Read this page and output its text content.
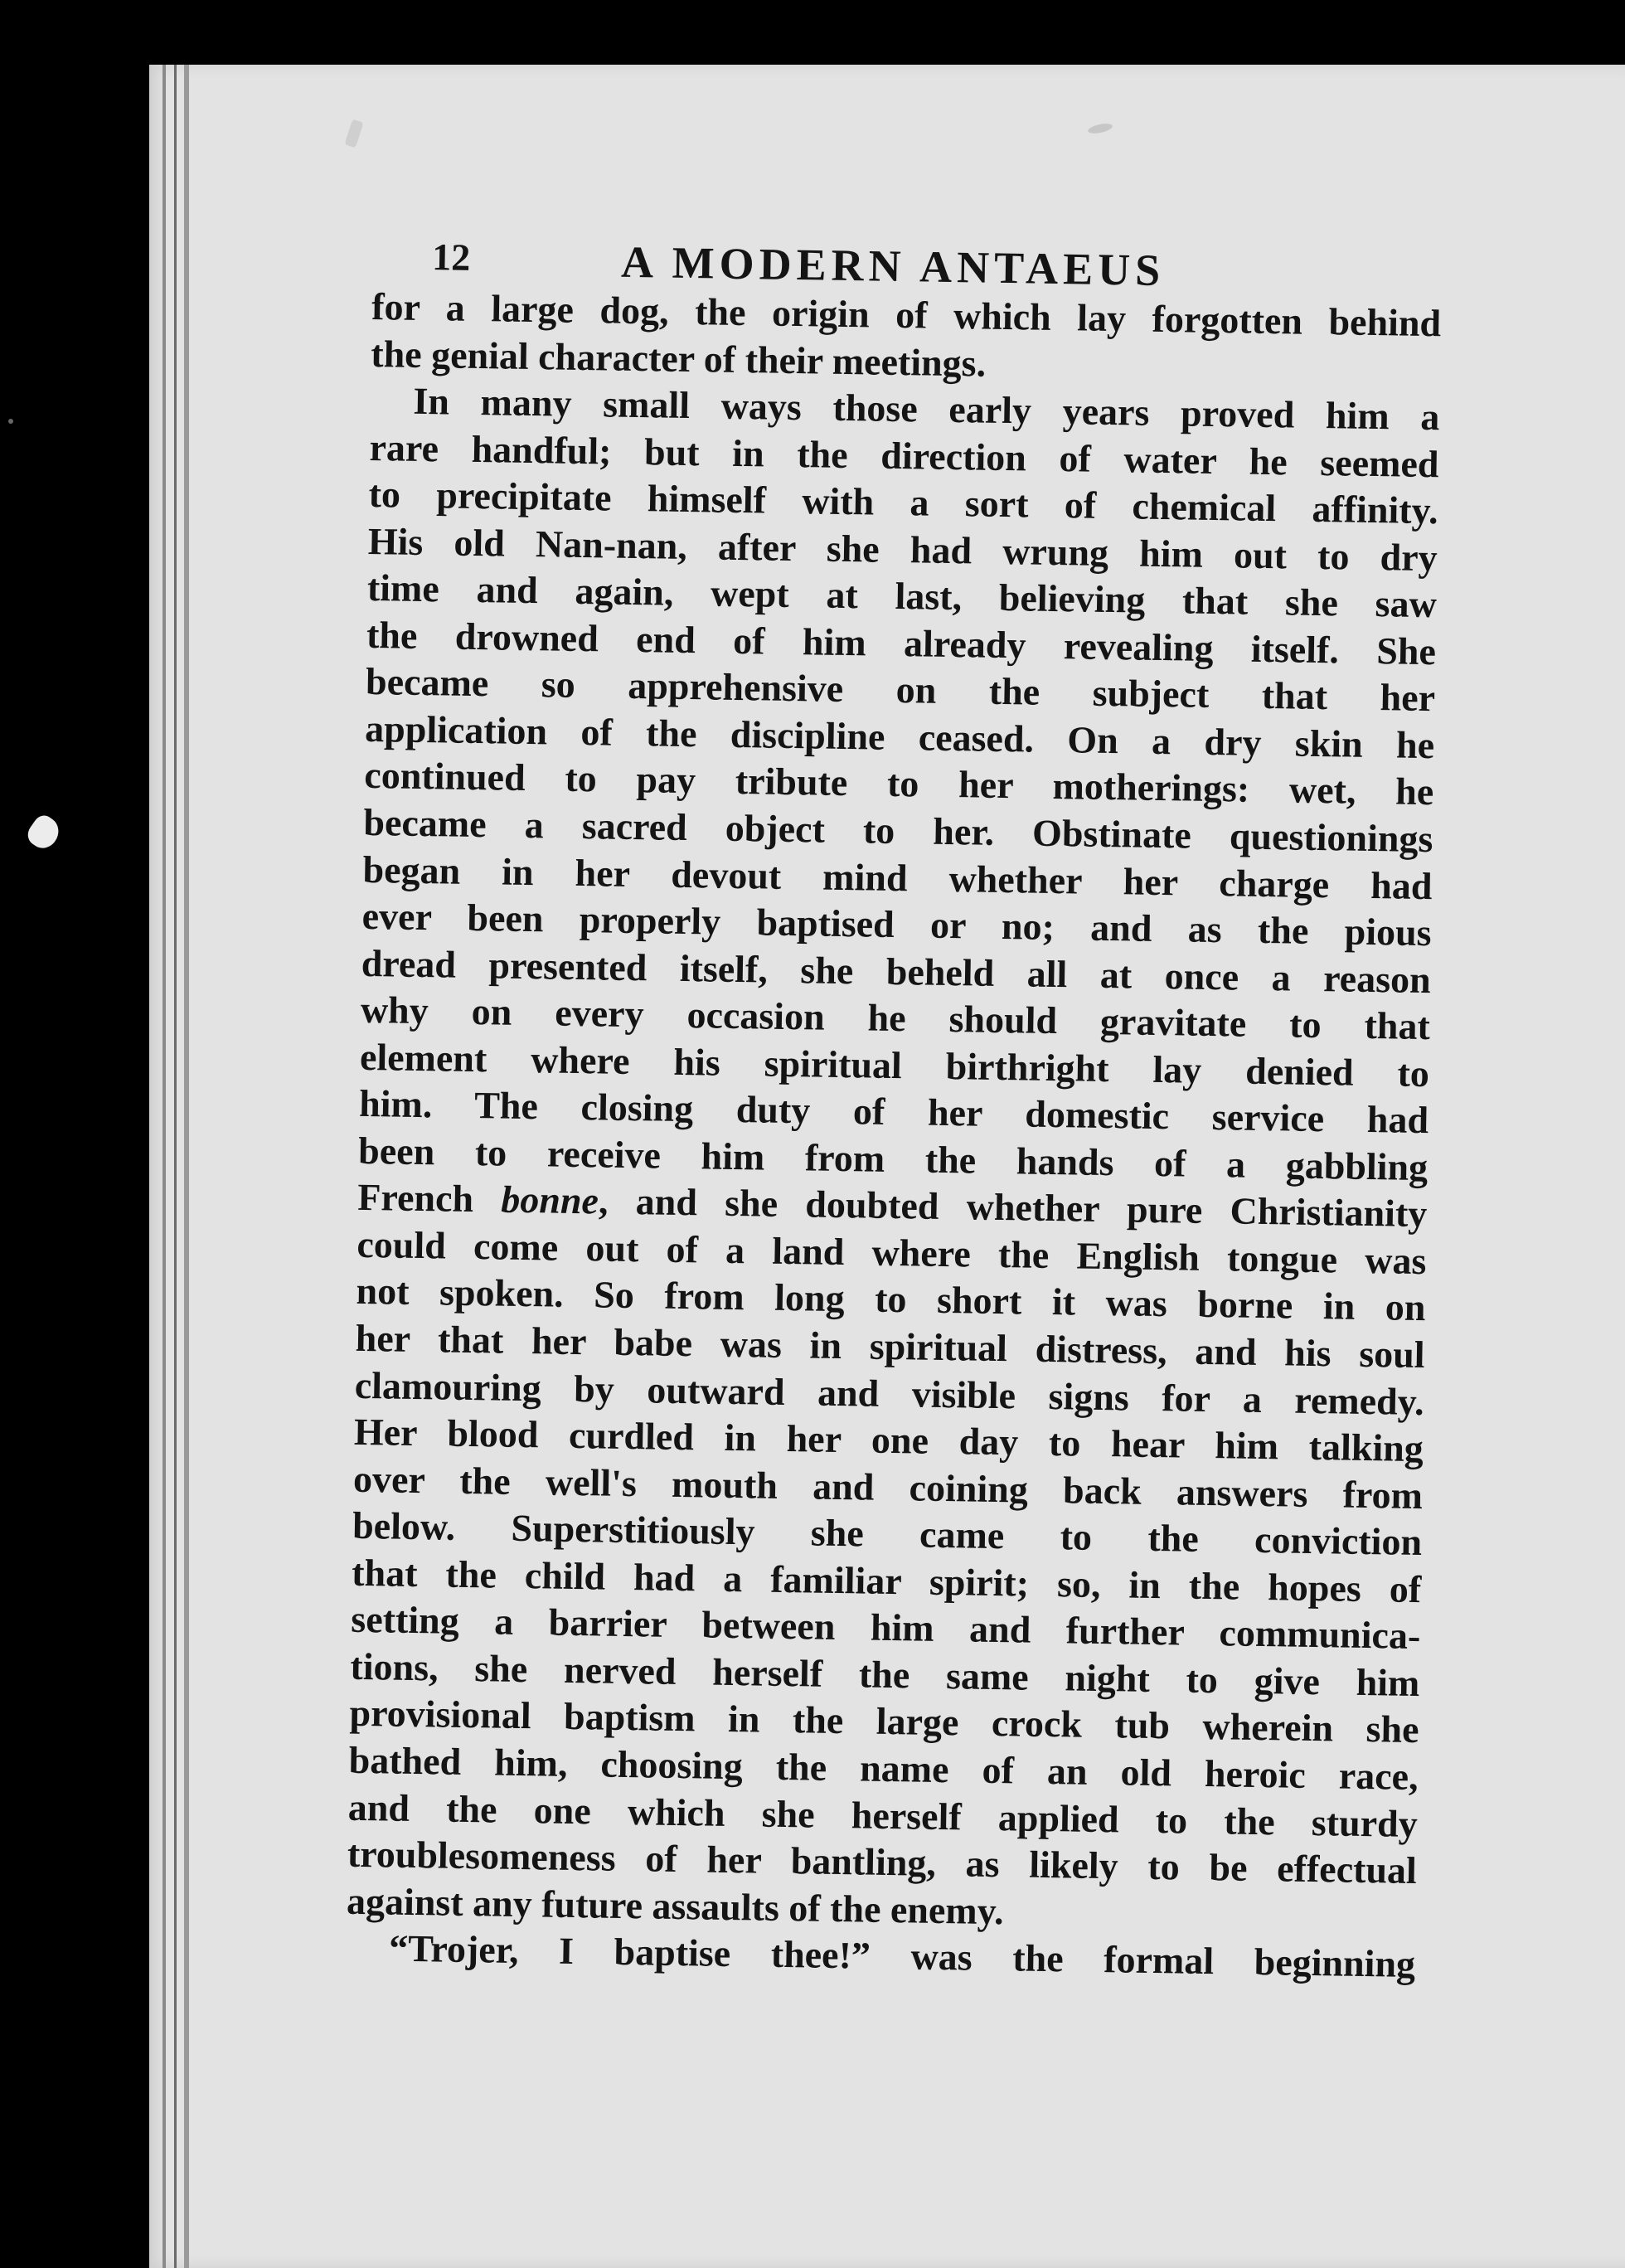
12	A MODERN ANTAEUS
for a large dog, the origin of which lay forgotten behind
the genial character of their meetings.
In many small ways those early years proved him a
rare handful; but in the direction of water he seemed
to precipitate himself with a sort of chemical affinity.
His old Nan-nan, after she had wrung him out to dry
time and again, wept at last, believing that she saw
the drowned end of him already revealing itself. She
became so apprehensive on the subject that her
application of the discipline ceased. On a dry skin he
continued to pay tribute to her motherings: wet, he
became a sacred object to her. Obstinate questionings
began in her devout mind whether her charge had
ever been properly baptised or no; and as the pious
dread presented itself, she beheld all at once a reason
why on every occasion he should gravitate to that
element where his spiritual birthright lay denied to
him. The closing duty of her domestic service had
been to receive him from the hands of a gabbling
French bonne, and she doubted whether pure Christianity
could come out of a land where the English tongue was
not spoken. So from long to short it was borne in on
her that her babe was in spiritual distress, and his soul
clamouring by outward and visible signs for a remedy.
Her blood curdled in her one day to hear him talking
over the well's mouth and coining back answers from
below. Superstitiously she came to the conviction
that the child had a familiar spirit; so, in the hopes of
setting a barrier between him and further communica-
tions, she nerved herself the same night to give him
provisional baptism in the large crock tub wherein she
bathed him, choosing the name of an old heroic race,
and the one which she herself applied to the sturdy
troublesomeness of her bantling, as likely to be effectual
against any future assaults of the enemy.
“Trojer, I baptise thee!” was the formal beginning
